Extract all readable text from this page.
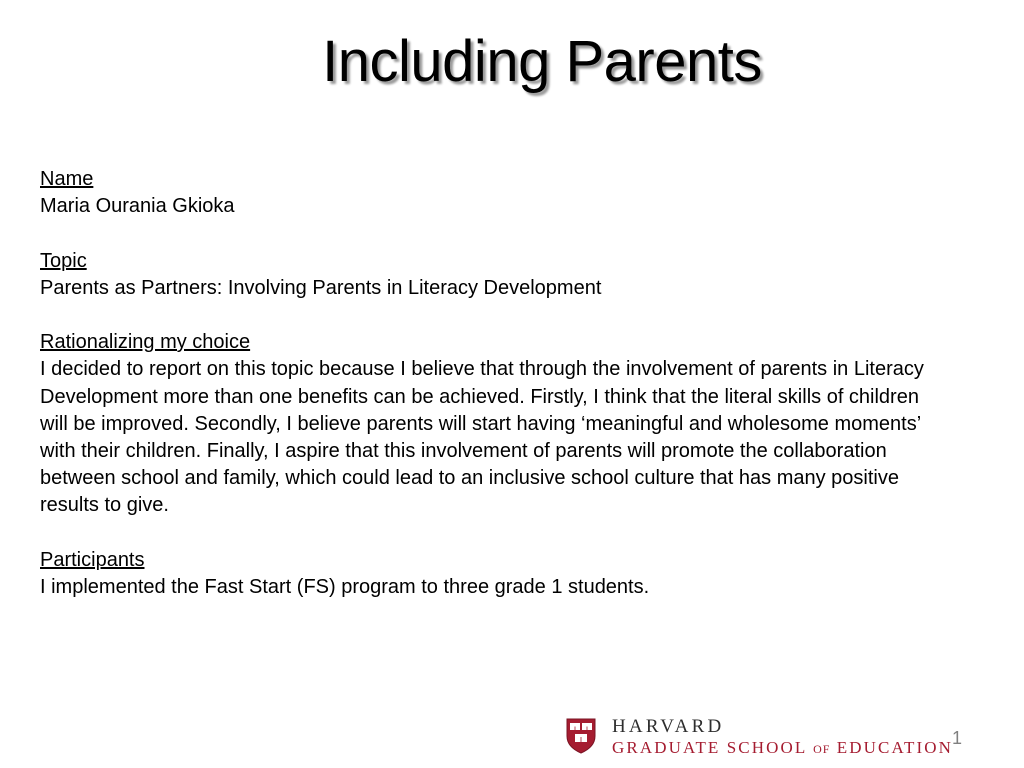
Including Parents
Name
Maria Ourania Gkioka
Topic
Parents as Partners: Involving Parents in Literacy Development
Rationalizing my choice
I decided to report on this topic because I believe that through the involvement of parents in Literacy Development more than one benefits can be achieved. Firstly, I think that the literal skills of children will be improved. Secondly, I believe parents will start having ‘meaningful and wholesome moments’ with their children. Finally, I aspire that this involvement of parents will promote the collaboration between school and family, which could lead to an inclusive school culture that has many positive results to give.
Participants
I implemented the Fast Start (FS) program to three grade 1 students.
HARVARD
GRADUATE SCHOOL OF EDUCATION 1
